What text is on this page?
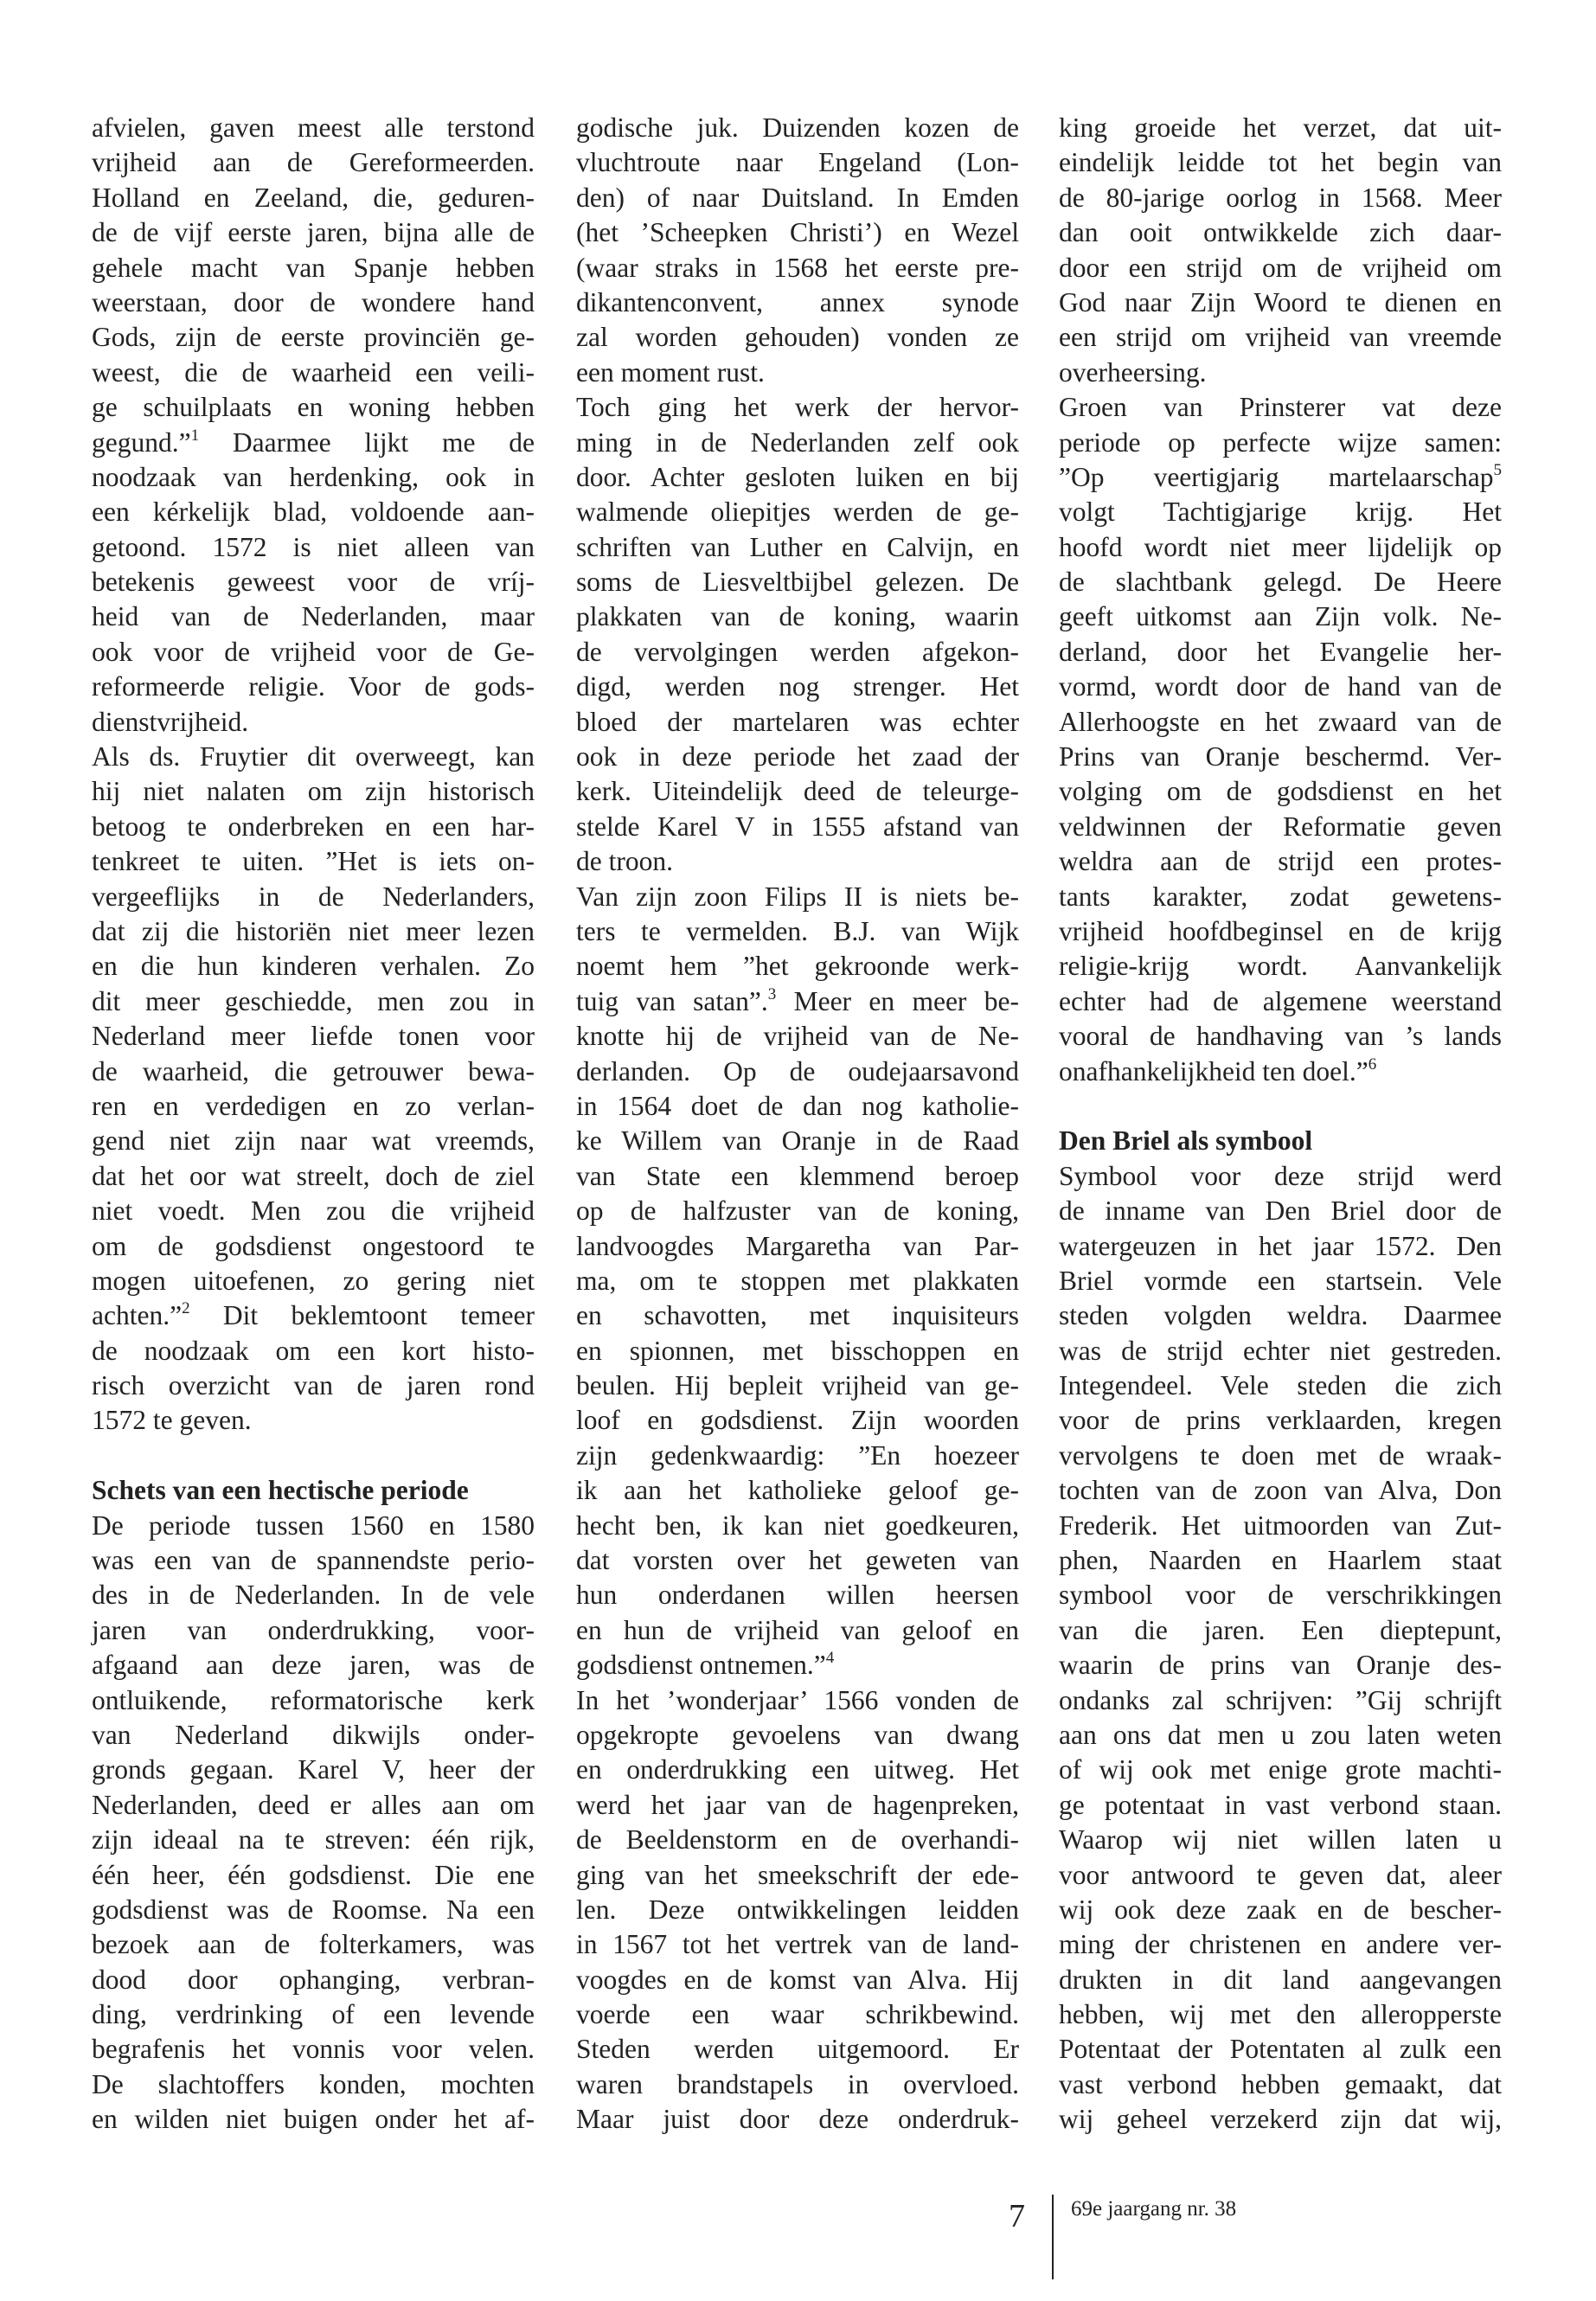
afvielen, gaven meest alle terstond
vrijheid aan de Gereformeerden.
Holland en Zeeland, die, geduren-
de de vijf eerste jaren, bijna alle de
gehele macht van Spanje hebben
weerstaan, door de wondere hand
Gods, zijn de eerste provinciën ge-
weest, die de waarheid een veili-
ge schuilplaats en woning hebben
gegund.”$^1$ Daarmee lijkt me de
noodzaak van herdenking, ook in
een kérkelijk blad, voldoende aan-
getoond. 1572 is niet alleen van
betekenis geweest voor de vríj-
heid van de Nederlanden, maar
ook voor de vrijheid voor de Ge-
reformeerde religie. Voor de gods-
dienstvrijheid.
Als ds. Fruytier dit overweegt, kan
hij niet nalaten om zijn historisch
betoog te onderbreken en een har-
tenkreet te uiten. ”Het is iets on-
vergeeflijks in de Nederlanders,
dat zij die historiën niet meer lezen
en die hun kinderen verhalen. Zo
dit meer geschiedde, men zou in
Nederland meer liefde tonen voor
de waarheid, die getrouwer bewa-
ren en verdedigen en zo verlan-
gend niet zijn naar wat vreemds,
dat het oor wat streelt, doch de ziel
niet voedt. Men zou die vrijheid
om de godsdienst ongestoord te
mogen uitoefenen, zo gering niet
achten.”$^2$ Dit beklemtoont temeer
de noodzaak om een kort histo-
risch overzicht van de jaren rond
1572 te geven.
Schets van een hectische periode
De periode tussen 1560 en 1580
was een van de spannendste perio-
des in de Nederlanden. In de vele
jaren van onderdrukking, voor-
afgaand aan deze jaren, was de
ontluikende, reformatorische kerk
van Nederland dikwijls onder-
gronds gegaan. Karel V, heer der
Nederlanden, deed er alles aan om
zijn ideaal na te streven: één rijk,
één heer, één godsdienst. Die ene
godsdienst was de Roomse. Na een
bezoek aan de folterkamers, was
dood door ophanging, verbran-
ding, verdrinking of een levende
begrafenis het vonnis voor velen.
De slachtoffers konden, mochten
en wilden niet buigen onder het af-
godische juk. Duizenden kozen de
vluchtroute naar Engeland (Lon-
den) of naar Duitsland. In Emden
(het ’Scheepken Christi’) en Wezel
(waar straks in 1568 het eerste pre-
dikantenconvent, annex synode
zal worden gehouden) vonden ze
een moment rust.
Toch ging het werk der hervor-
ming in de Nederlanden zelf ook
door. Achter gesloten luiken en bij
walmende oliepitjes werden de ge-
schriften van Luther en Calvijn, en
soms de Liesveltbijbel gelezen. De
plakkaten van de koning, waarin
de vervolgingen werden afgekon-
digd, werden nog strenger. Het
bloed der martelaren was echter
ook in deze periode het zaad der
kerk. Uiteindelijk deed de teleurge-
stelde Karel V in 1555 afstand van
de troon.
Van zijn zoon Filips II is niets be-
ters te vermelden. B.J. van Wijk
noemt hem ”het gekroonde werk-
tuig van satan”.$^3$ Meer en meer be-
knotte hij de vrijheid van de Ne-
derlanden. Op de oudejaarsavond
in 1564 doet de dan nog katholie-
ke Willem van Oranje in de Raad
van State een klemmend beroep
op de halfzuster van de koning,
landvoogdes Margaretha van Par-
ma, om te stoppen met plakkaten
en schavotten, met inquisiteurs
en spionnen, met bisschoppen en
beulen. Hij bepleit vrijheid van ge-
loof en godsdienst. Zijn woorden
zijn gedenkwaardig: ”En hoezeer
ik aan het katholieke geloof ge-
hecht ben, ik kan niet goedkeuren,
dat vorsten over het geweten van
hun onderdanen willen heersen
en hun de vrijheid van geloof en
godsdienst ontnemen.”$^4$
In het ’wonderjaar’ 1566 vonden de
opgekropte gevoelens van dwang
en onderdrukking een uitweg. Het
werd het jaar van de hagenpreken,
de Beeldenstorm en de overhandi-
ging van het smeekschrift der ede-
len. Deze ontwikkelingen leidden
in 1567 tot het vertrek van de land-
voogdes en de komst van Alva. Hij
voerde een waar schrikbewind.
Steden werden uitgemoord. Er
waren brandstapels in overvloed.
Maar juist door deze onderdruk-
king groeide het verzet, dat uit-
eindelijk leidde tot het begin van
de 80-jarige oorlog in 1568. Meer
dan ooit ontwikkelde zich daar-
door een strijd om de vrijheid om
God naar Zijn Woord te dienen en
een strijd om vrijheid van vreemde
overheersing.
Groen van Prinsterer vat deze
periode op perfecte wijze samen:
”Op veertigjarig martelaarschap$^5$
volgt Tachtigjarige krijg. Het
hoofd wordt niet meer lijdelijk op
de slachtbank gelegd. De Heere
geeft uitkomst aan Zijn volk. Ne-
derland, door het Evangelie her-
vormd, wordt door de hand van de
Allerhoogste en het zwaard van de
Prins van Oranje beschermd. Ver-
volging om de godsdienst en het
veldwinnen der Reformatie geven
weldra aan de strijd een protes-
tants karakter, zodat gewetens-
vrijheid hoofdbeginsel en de krijg
religie-krijg wordt. Aanvankelijk
echter had de algemene weerstand
vooral de handhaving van ’s lands
onafhankelijkheid ten doel.”$^6$
Den Briel als symbool
Symbool voor deze strijd werd
de inname van Den Briel door de
watergeuzen in het jaar 1572. Den
Briel vormde een startsein. Vele
steden volgden weldra. Daarmee
was de strijd echter niet gestreden.
Integendeel. Vele steden die zich
voor de prins verklaarden, kregen
vervolgens te doen met de wraak-
tochten van de zoon van Alva, Don
Frederik. Het uitmoorden van Zut-
phen, Naarden en Haarlem staat
symbool voor de verschrikkingen
van die jaren. Een dieptepunt,
waarin de prins van Oranje des-
ondanks zal schrijven: ”Gij schrijft
aan ons dat men u zou laten weten
of wij ook met enige grote machti-
ge potentaat in vast verbond staan.
Waarop wij niet willen laten u
voor antwoord te geven dat, aleer
wij ook deze zaak en de bescher-
ming der christenen en andere ver-
drukten in dit land aangevangen
hebben, wij met den alleropperste
Potentaat der Potentaten al zulk een
vast verbond hebben gemaakt, dat
wij geheel verzekerd zijn dat wij,
7 69e jaargang nr. 38
